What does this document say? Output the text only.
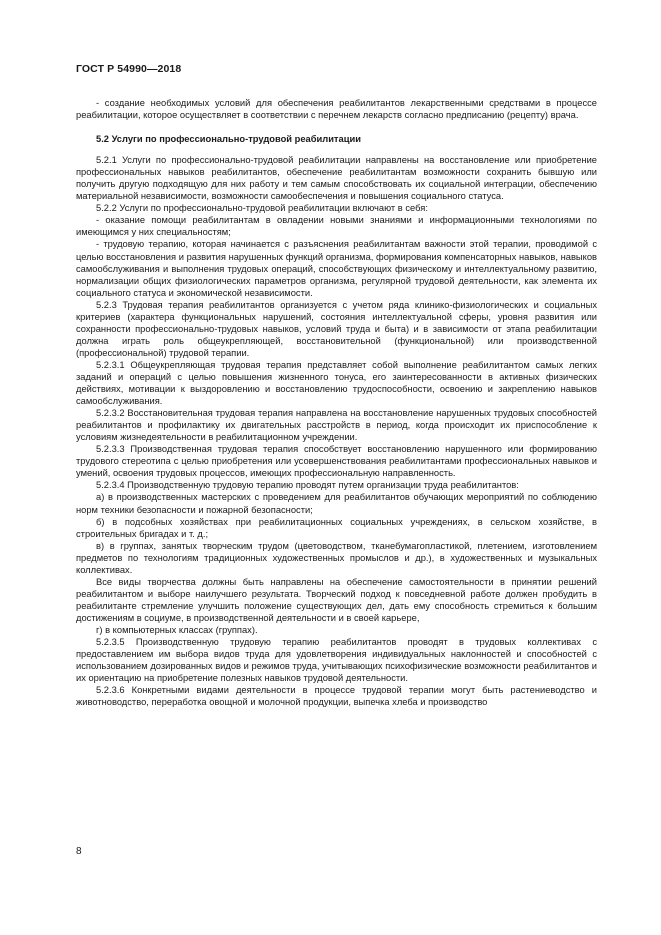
ГОСТ Р 54990—2018

- создание необходимых условий для обеспечения реабилитантов лекарственными средствами в процессе реабилитации, которое осуществляет в соответствии с перечнем лекарств согласно предписанию (рецепту) врача.

5.2 Услуги по профессионально-трудовой реабилитации

5.2.1 Услуги по профессионально-трудовой реабилитации направлены на восстановление или приобретение профессиональных навыков реабилитантов, обеспечение реабилитантам возможности сохранить бывшую или получить другую подходящую для них работу и тем самым способствовать их социальной интеграции, обеспечению материальной независимости, возможности самообеспечения и повышения социального статуса.

5.2.2 Услуги по профессионально-трудовой реабилитации включают в себя:

- оказание помощи реабилитантам в овладении новыми знаниями и информационными технологиями по имеющимся у них специальностям;

- трудовую терапию, которая начинается с разъяснения реабилитантам важности этой терапии, проводимой с целью восстановления и развития нарушенных функций организма, формирования компенсаторных навыков, навыков самообслуживания и выполнения трудовых операций, способствующих физическому и интеллектуальному развитию, нормализации общих физиологических параметров организма, регулярной трудовой деятельности, как элемента их социального статуса и экономической независимости.

5.2.3 Трудовая терапия реабилитантов организуется с учетом ряда клинико-физиологических и социальных критериев (характера функциональных нарушений, состояния интеллектуальной сферы, уровня развития или сохранности профессионально-трудовых навыков, условий труда и быта) и в зависимости от этапа реабилитации должна играть роль общеукрепляющей, восстановительной (функциональной) или производственной (профессиональной) трудовой терапии.

5.2.3.1 Общеукрепляющая трудовая терапия представляет собой выполнение реабилитантом самых легких заданий и операций с целью повышения жизненного тонуса, его заинтересованности в активных физических действиях, мотивации к выздоровлению и восстановлению трудоспособности, освоению и закреплению навыков самообслуживания.

5.2.3.2 Восстановительная трудовая терапия направлена на восстановление нарушенных трудовых способностей реабилитантов и профилактику их двигательных расстройств в период, когда происходит их приспособление к условиям жизнедеятельности в реабилитационном учреждении.

5.2.3.3 Производственная трудовая терапия способствует восстановлению нарушенного или формированию трудового стереотипа с целью приобретения или усовершенствования реабилитантами профессиональных навыков и умений, освоения трудовых процессов, имеющих профессиональную направленность.

5.2.3.4 Производственную трудовую терапию проводят путем организации труда реабилитантов:

а) в производственных мастерских с проведением для реабилитантов обучающих мероприятий по соблюдению норм техники безопасности и пожарной безопасности;

б) в подсобных хозяйствах при реабилитационных социальных учреждениях, в сельском хозяйстве, в строительных бригадах и т. д.;

в) в группах, занятых творческим трудом (цветоводством, тканебумагопластикой, плетением, изготовлением предметов по технологиям традиционных художественных промыслов и др.), в художественных и музыкальных коллективах.

Все виды творчества должны быть направлены на обеспечение самостоятельности в принятии решений реабилитантом и выборе наилучшего результата. Творческий подход к повседневной работе должен пробудить в реабилитанте стремление улучшить положение существующих дел, дать ему способность стремиться к большим достижениям в социуме, в производственной деятельности и в своей карьере,

г) в компьютерных классах (группах).

5.2.3.5 Производственную трудовую терапию реабилитантов проводят в трудовых коллективах с предоставлением им выбора видов труда для удовлетворения индивидуальных наклонностей и способностей с использованием дозированных видов и режимов труда, учитывающих психофизические возможности реабилитантов и их ориентацию на приобретение полезных навыков трудовой деятельности.

5.2.3.6 Конкретными видами деятельности в процессе трудовой терапии могут быть растениеводство и животноводство, переработка овощной и молочной продукции, выпечка хлеба и производство

8
